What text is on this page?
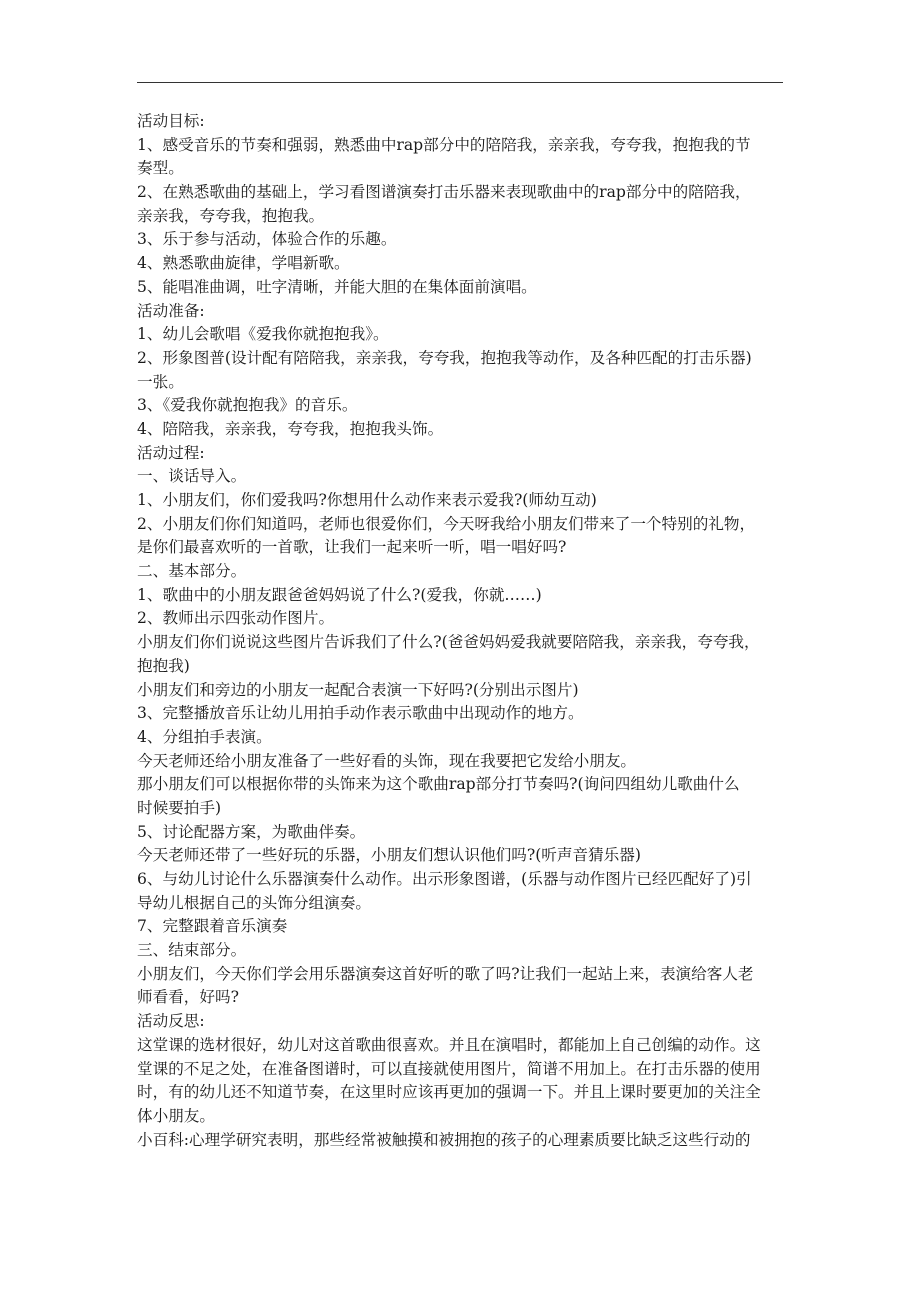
活动目标:
1、感受音乐的节奏和强弱，熟悉曲中rap部分中的陪陪我，亲亲我，夸夸我，抱抱我的节
奏型。
2、在熟悉歌曲的基础上，学习看图谱演奏打击乐器来表现歌曲中的rap部分中的陪陪我，
亲亲我，夸夸我，抱抱我。
3、乐于参与活动，体验合作的乐趣。
4、熟悉歌曲旋律，学唱新歌。
5、能唱准曲调，吐字清晰，并能大胆的在集体面前演唱。
活动准备:
1、幼儿会歌唱《爱我你就抱抱我》。
2、形象图普(设计配有陪陪我，亲亲我，夸夸我，抱抱我等动作，及各种匹配的打击乐器)
一张。
3、《爱我你就抱抱我》的音乐。
4、陪陪我，亲亲我，夸夸我，抱抱我头饰。
活动过程:
一、谈话导入。
1、小朋友们，你们爱我吗?你想用什么动作来表示爱我?(师幼互动)
2、小朋友们你们知道吗，老师也很爱你们，今天呀我给小朋友们带来了一个特别的礼物，
是你们最喜欢听的一首歌，让我们一起来听一听，唱一唱好吗?
二、基本部分。
1、歌曲中的小朋友跟爸爸妈妈说了什么?(爱我，你就……)
2、教师出示四张动作图片。
小朋友们你们说说这些图片告诉我们了什么?(爸爸妈妈爱我就要陪陪我，亲亲我，夸夸我，
抱抱我)
小朋友们和旁边的小朋友一起配合表演一下好吗?(分别出示图片)
3、完整播放音乐让幼儿用拍手动作表示歌曲中出现动作的地方。
4、分组拍手表演。
今天老师还给小朋友准备了一些好看的头饰，现在我要把它发给小朋友。
那小朋友们可以根据你带的头饰来为这个歌曲rap部分打节奏吗?(询问四组幼儿歌曲什么
时候要拍手)
5、讨论配器方案，为歌曲伴奏。
今天老师还带了一些好玩的乐器，小朋友们想认识他们吗?(听声音猜乐器)
6、与幼儿讨论什么乐器演奏什么动作。出示形象图谱，(乐器与动作图片已经匹配好了)引
导幼儿根据自己的头饰分组演奏。
7、完整跟着音乐演奏
三、结束部分。
小朋友们，今天你们学会用乐器演奏这首好听的歌了吗?让我们一起站上来，表演给客人老
师看看，好吗?
活动反思:
这堂课的选材很好，幼儿对这首歌曲很喜欢。并且在演唱时，都能加上自己创编的动作。这
堂课的不足之处，在准备图谱时，可以直接就使用图片，简谱不用加上。在打击乐器的使用
时，有的幼儿还不知道节奏，在这里时应该再更加的强调一下。并且上课时要更加的关注全
体小朋友。
小百科:心理学研究表明，那些经常被触摸和被拥抱的孩子的心理素质要比缺乏这些行动的
